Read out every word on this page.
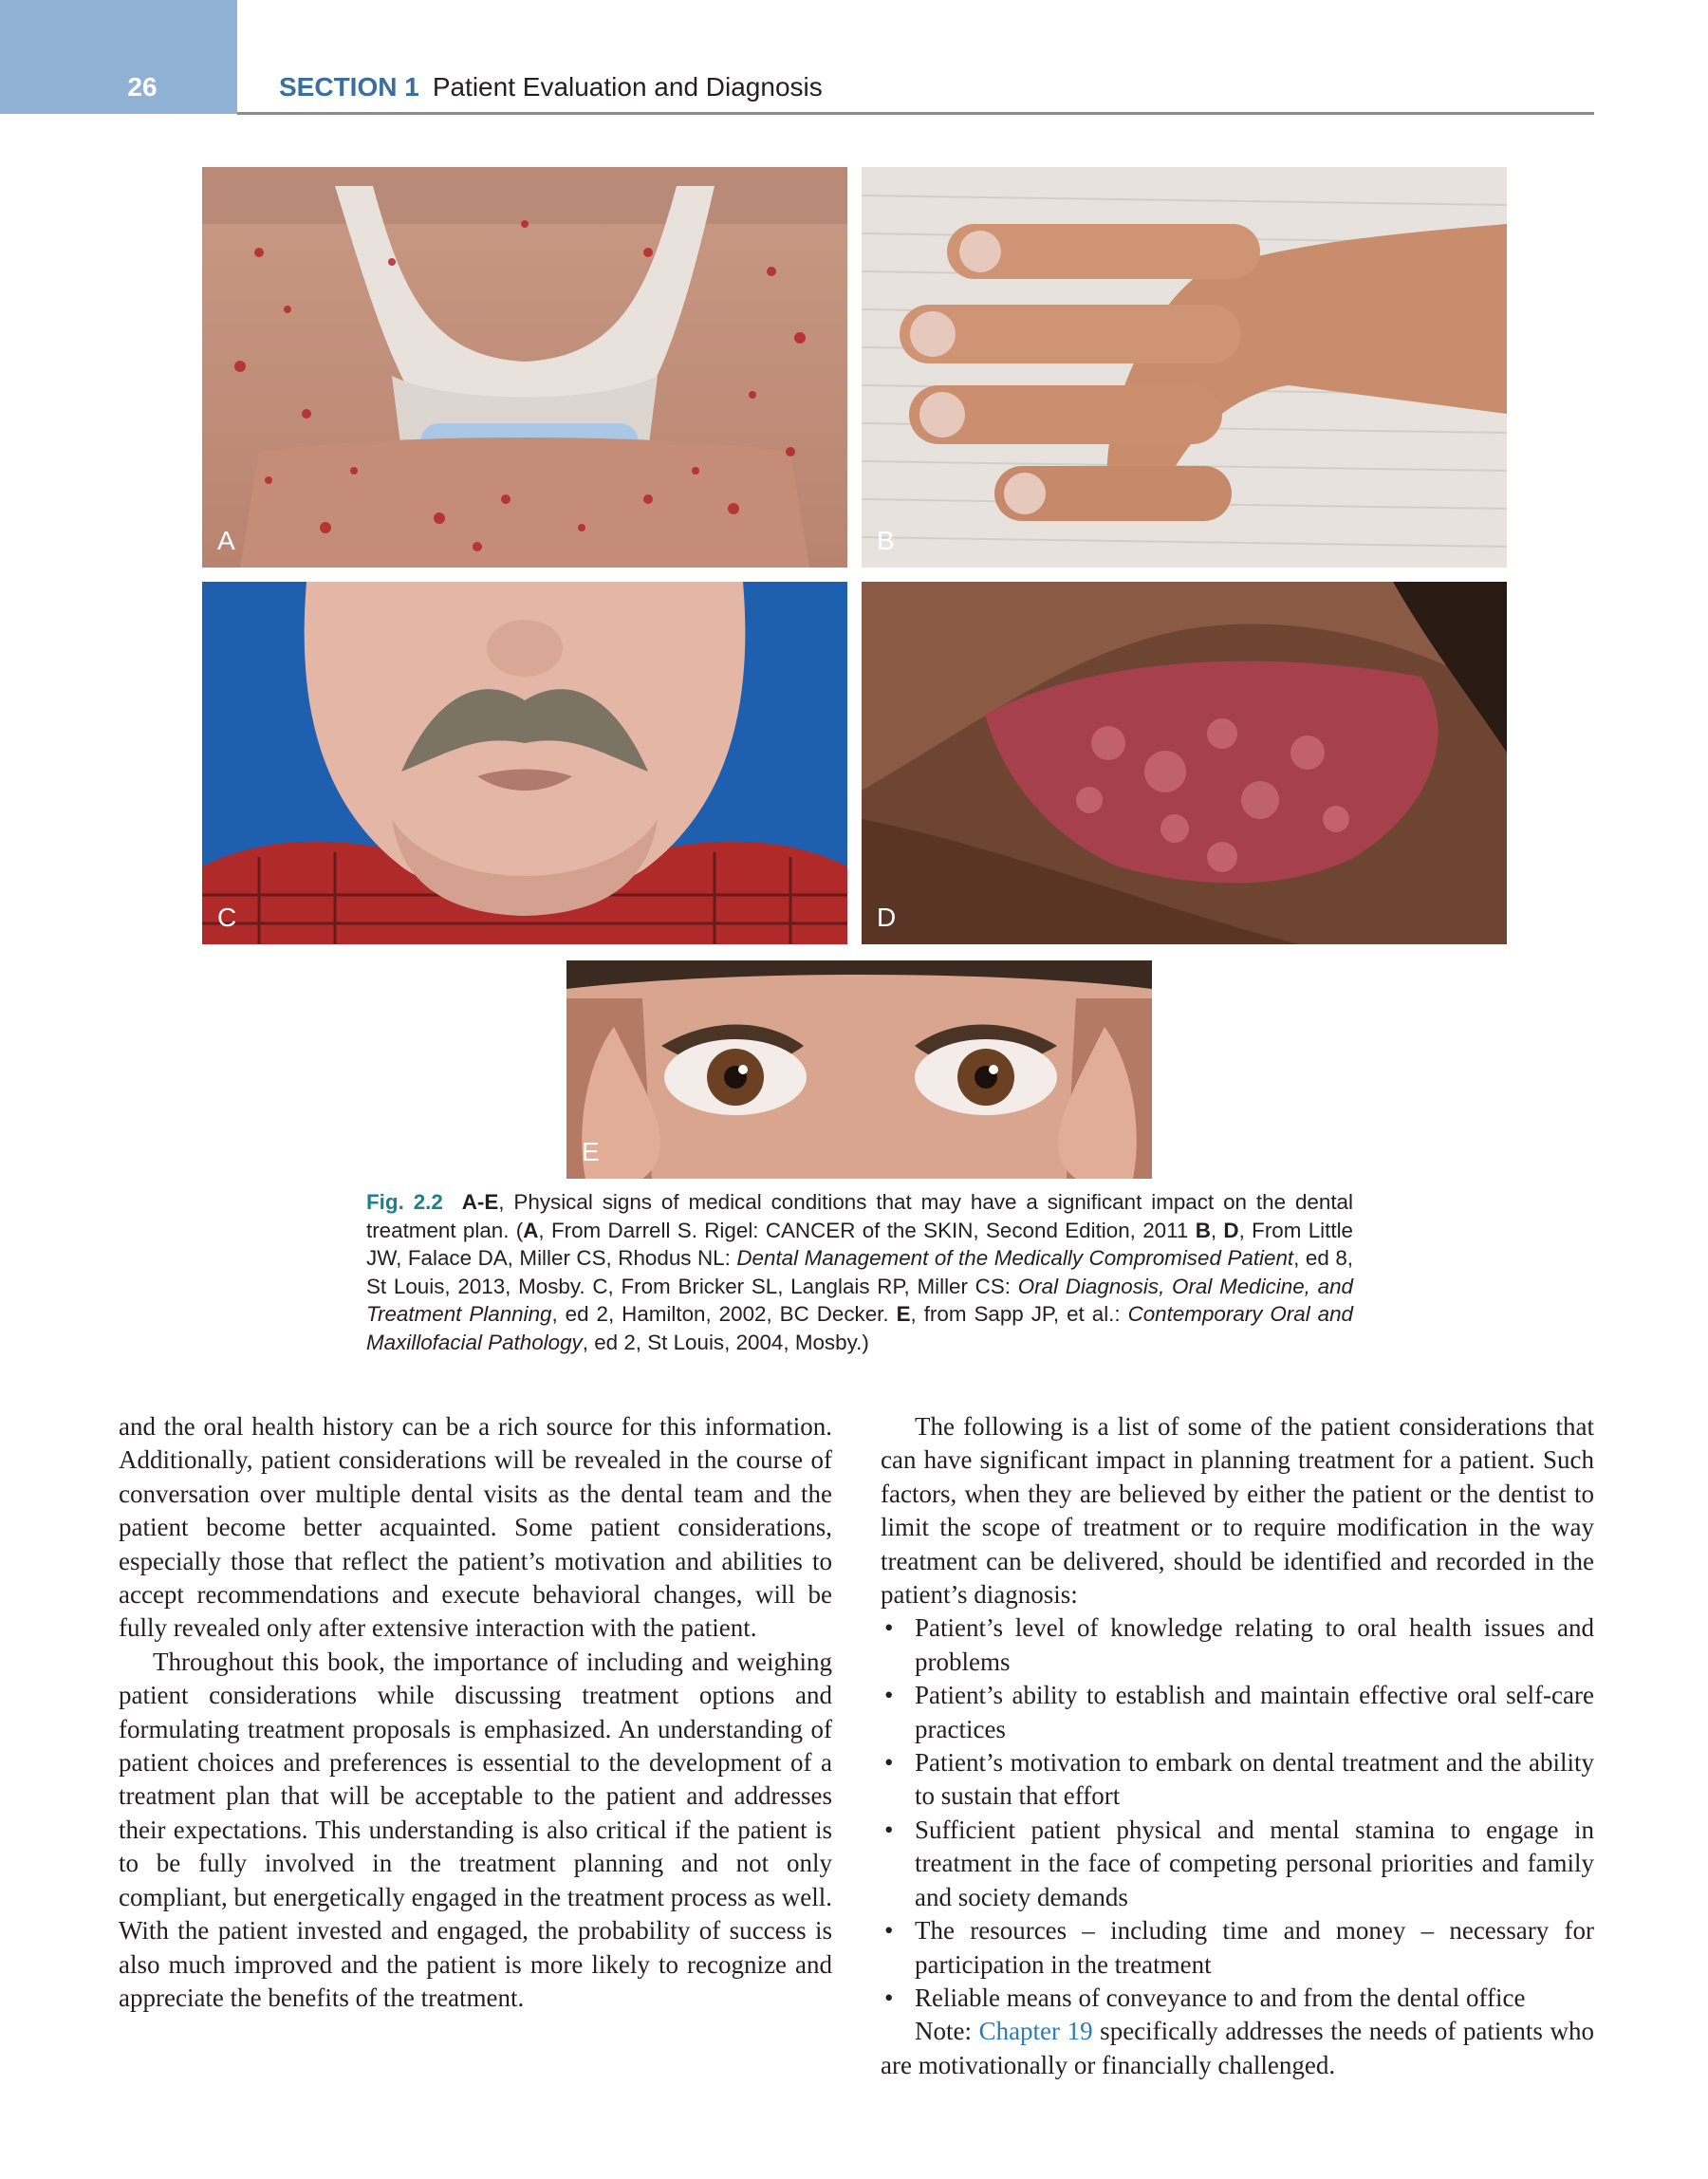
26	SECTION 1 Patient Evaluation and Diagnosis
A	B
C	D
E
Fig. 2.2 A-E, Physical signs of medical conditions that may have a significant impact on the dental treatment plan. (A, From Darrell S. Rigel: CANCER of the SKIN, Second Edition, 2011 B, D, From Little JW, Falace DA, Miller CS, Rhodus NL: Dental Management of the Medically Compromised Patient, ed 8, St Louis, 2013, Mosby. C, From Bricker SL, Langlais RP, Miller CS: Oral Diagnosis, Oral Medicine, and Treatment Planning, ed 2, Hamilton, 2002, BC Decker. E, from Sapp JP, et al.: Contemporary Oral and Maxillofacial Pathology, ed 2, St Louis, 2004, Mosby.)

and the oral health history can be a rich source for this information. Additionally, patient considerations will be revealed in the course of conversation over multiple dental visits as the dental team and the patient become better acquainted. Some patient considerations, especially those that reflect the patient’s motivation and abilities to accept recommendations and execute behavioral changes, will be fully revealed only after extensive interaction with the patient.

Throughout this book, the importance of including and weighing patient considerations while discussing treatment options and formulating treatment proposals is emphasized. An understanding of patient choices and preferences is essential to the development of a treatment plan that will be acceptable to the patient and addresses their expectations. This understanding is also critical if the patient is to be fully involved in the treatment planning and not only compliant, but energetically engaged in the treatment process as well. With the patient invested and engaged, the probability of success is also much improved and the patient is more likely to recognize and appreciate the benefits of the treatment.

The following is a list of some of the patient considerations that can have significant impact in planning treatment for a patient. Such factors, when they are believed by either the patient or the dentist to limit the scope of treatment or to require modification in the way treatment can be delivered, should be identified and recorded in the patient’s diagnosis:

• Patient’s level of knowledge relating to oral health issues and problems
• Patient’s ability to establish and maintain effective oral self-care practices
• Patient’s motivation to embark on dental treatment and the ability to sustain that effort
• Sufficient patient physical and mental stamina to engage in treatment in the face of competing personal priorities and family and society demands
• The resources – including time and money – necessary for participation in the treatment
• Reliable means of conveyance to and from the dental office

Note: Chapter 19 specifically addresses the needs of patients who are motivationally or financially challenged.
